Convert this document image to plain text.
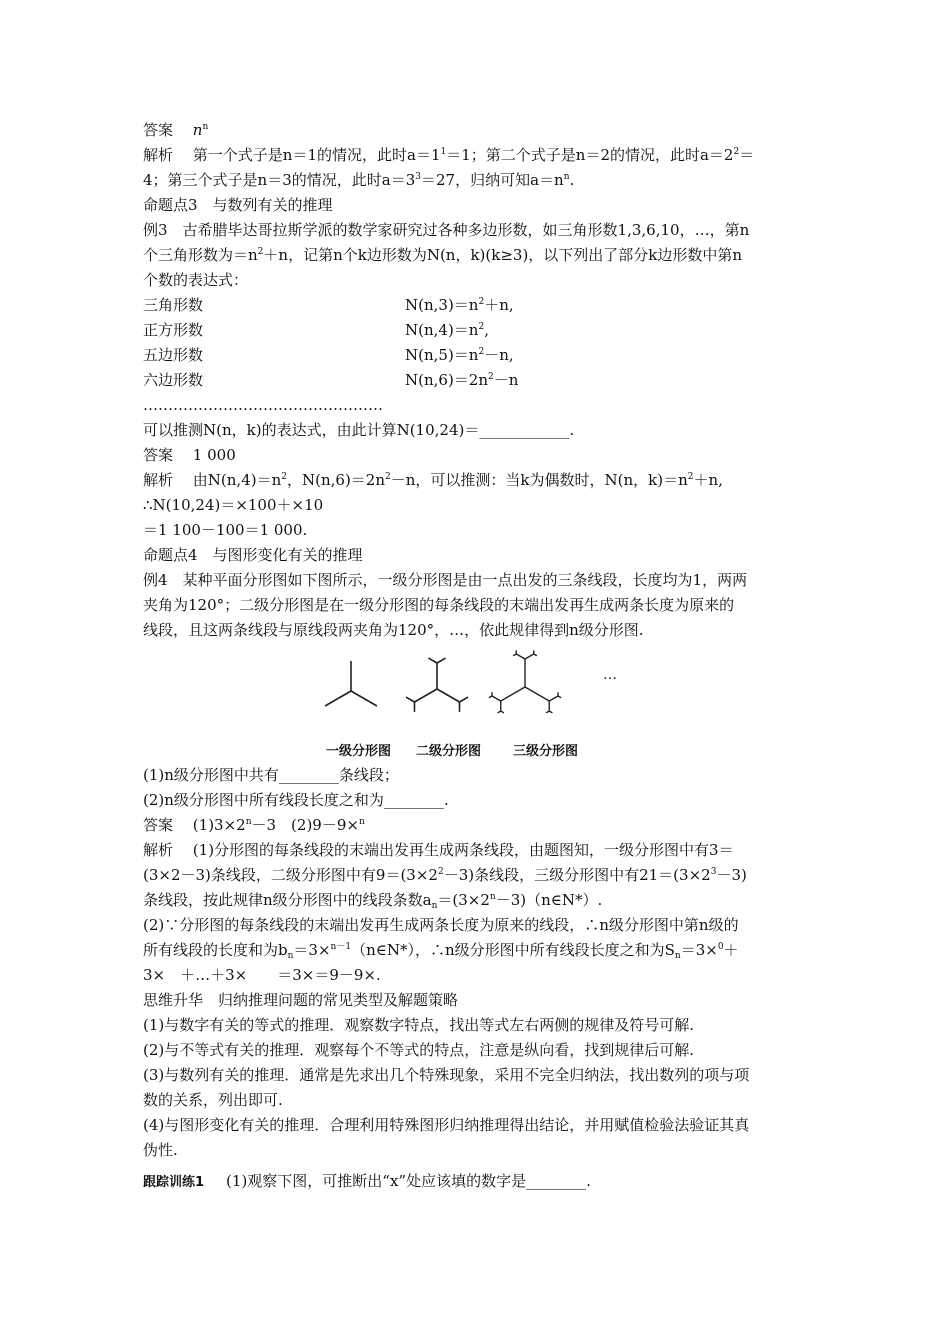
答案　 $n^n$
解析　 第一个式子是n＝1的情况，此时$a=1^1=1$；第二个式子是n＝2的情况，此时$a=2^2=$
4；第三个式子是n＝3的情况，此时$a=3^3=27$，归纳可知$a=n^n$.
命题点3　与数列有关的推理
例3　古希腊毕达哥拉斯学派的数学家研究过各种多边形数，如三角形数1,3,6,10，…，第n
个三角形数为$=n^2+n$，记第n个k边形数为N(n，k)(k≥3)，以下列出了部分k边形数中第n
个数的表达式：
三角形数	$N(n,3)=n^2+n$,
正方形数	$N(n,4)=n^2$,
五边形数	$N(n,5)=n^2-n$,
六边形数	$N(n,6)=2n^2-n$
…………………………………………
可以推测N(n，k)的表达式，由此计算N(10,24)＝____________.
答案　 1 000
解析　 由$N(n,4)=n^2$，$N(n,6)=2n^2-n$，可以推测：当k为偶数时，N(n，$k)=n^2+n$,
∴N(10,24)＝×100＋×10
＝1 100－100＝1 000.
命题点4　与图形变化有关的推理
例4　某种平面分形图如下图所示，一级分形图是由一点出发的三条线段，长度均为1，两两
夹角为120°；二级分形图是在一级分形图的每条线段的末端出发再生成两条长度为原来的
线段，且这两条线段与原线段两夹角为120°，…，依此规律得到n级分形图.
…
一级分形图 二级分形图 三级分形图
(1)n级分形图中共有________条线段；
(2)n级分形图中所有线段长度之和为________.
答案　 $(1)3\times 2^n-3$　(2)9－9×$^n$
解析　 (1)分形图的每条线段的末端出发再生成两条线段，由题图知，一级分形图中有3＝
(3×2－3)条线段，二级分形图中有$9=(3\times 2^2-3)$条线段，三级分形图中有$21=(3\times 2^3-3)$
条线段，按此规律n级分形图中的线段条数$a_n=(3\times 2^n-3)(n\in N*)$.
(2)∵分形图的每条线段的末端出发再生成两条长度为原来的线段，∴n级分形图中第n级的
所有线段的长度和为$b_n=3\times^{n-1}(n\in N*)$，∴n级分形图中所有线段长度之和为$S_n=3\times^0+$
3×　＋…＋3×　　＝3×＝9－9×.
思维升华　归纳推理问题的常见类型及解题策略
(1)与数字有关的等式的推理．观察数字特点，找出等式左右两侧的规律及符号可解.
(2)与不等式有关的推理．观察每个不等式的特点，注意是纵向看，找到规律后可解.
(3)与数列有关的推理．通常是先求出几个特殊现象，采用不完全归纳法，找出数列的项与项
数的关系，列出即可.
(4)与图形变化有关的推理．合理利用特殊图形归纳推理得出结论，并用赋值检验法验证其真
伪性.
跟踪训练1 (1)观察下图，可推断出“x”处应该填的数字是________.
